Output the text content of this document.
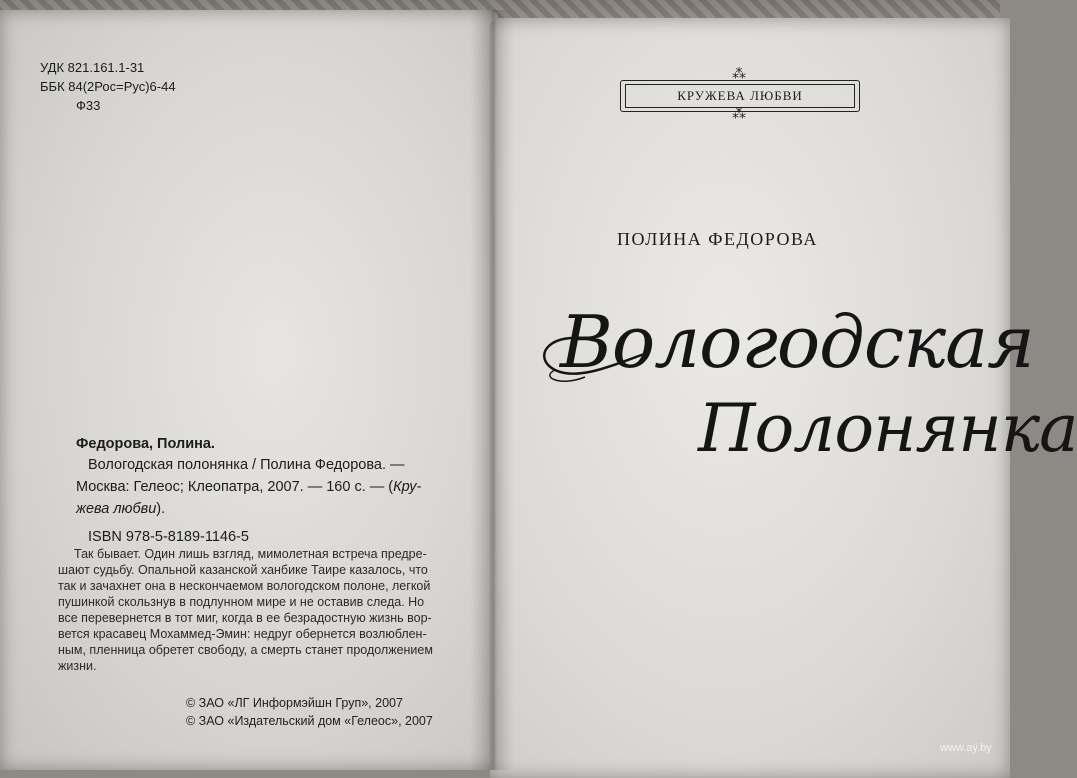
УДК 821.161.1-31
ББК 84(2Рос=Рус)6-44
Ф33
Федорова, Полина.
Вологодская полонянка / Полина Федорова. —
Москва: Гелеос; Клеопатра, 2007. — 160 с. — (Кру-
жева любви).
ISBN 978-5-8189-1146-5
Так бывает. Один лишь взгляд, мимолетная встреча предре-
шают судьбу. Опальной казанской ханбике Таире казалось, что
так и зачахнет она в нескончаемом вологодском полоне, легкой
пушинкой скользнув в подлунном мире и не оставив следа. Но
все перевернется в тот миг, когда в ее безрадостную жизнь вор-
вется красавец Мохаммед-Эмин: недруг обернется возлюблен-
ным, пленница обретет свободу, а смерть станет продолжением
жизни.
© ЗАО «ЛГ Информэйшн Груп», 2007
© ЗАО «Издательский дом «Гелеос», 2007
⁂
КРУЖЕВА ЛЮБВИ
⁂
ПОЛИНА ФЕДОРОВА
Вологодская
Полонянка
www.ay.by
